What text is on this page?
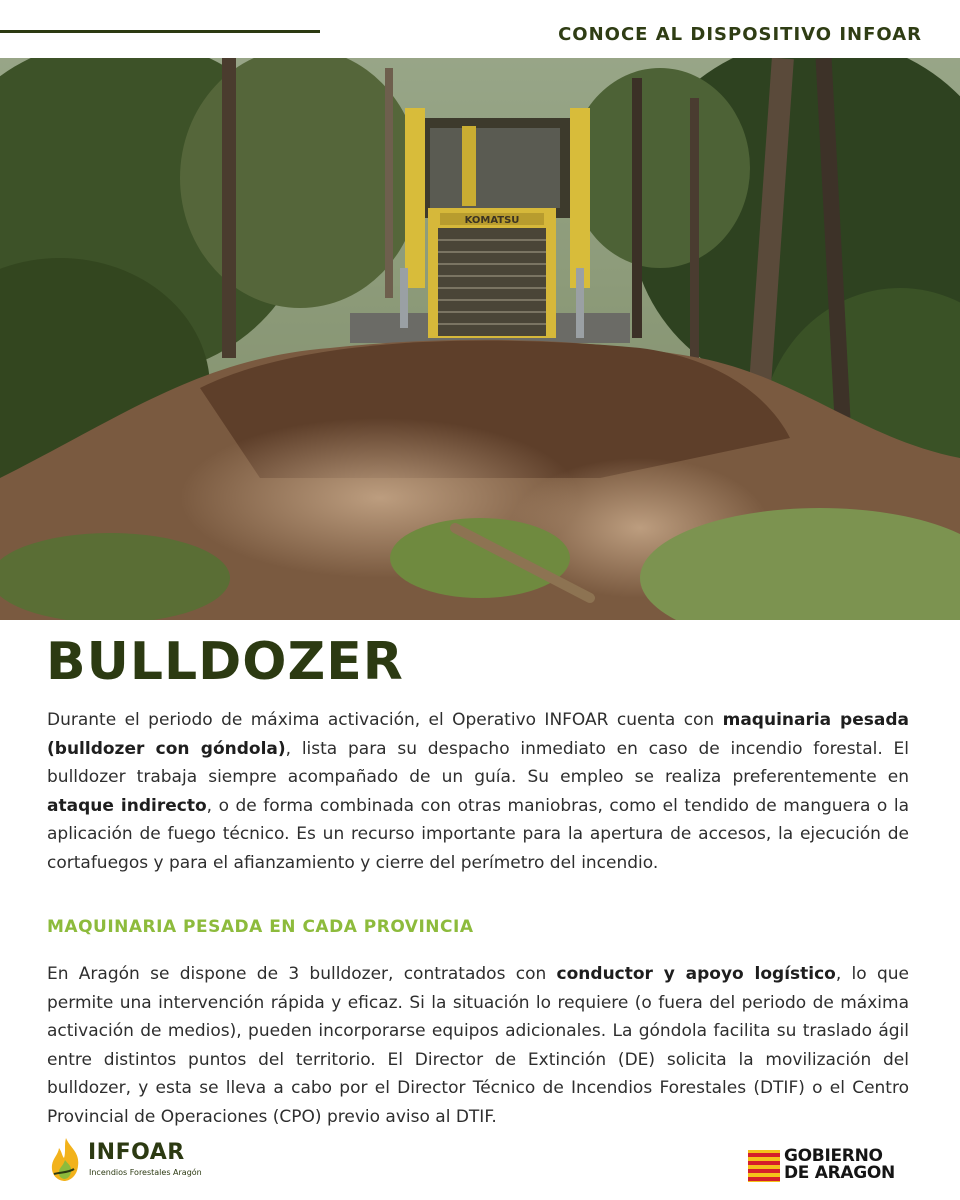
CONOCE AL DISPOSITIVO INFOAR
KOMATSU
BULLDOZER

Durante el periodo de máxima activación, el Operativo INFOAR cuenta con maquinaria pesada (bulldozer con góndola), lista para su despacho inmediato en caso de incendio forestal. El bulldozer trabaja siempre acompañado de un guía. Su empleo se realiza preferentemente en ataque indirecto, o de forma combinada con otras maniobras, como el tendido de manguera o la aplicación de fuego técnico. Es un recurso importante para la apertura de accesos, la ejecución de cortafuegos y para el afianzamiento y cierre del perímetro del incendio.

MAQUINARIA PESADA EN CADA PROVINCIA

En Aragón se dispone de 3 bulldozer, contratados con conductor y apoyo logístico, lo que permite una intervención rápida y eficaz. Si la situación lo requiere (o fuera del periodo de máxima activación de medios), pueden incorporarse equipos adicionales. La góndola facilita su traslado ágil entre distintos puntos del territorio. El Director de Extinción (DE) solicita la movilización del bulldozer, y esta se lleva a cabo por el Director Técnico de Incendios Forestales (DTIF) o el Centro Provincial de Operaciones (CPO) previo aviso al DTIF.

INFOAR
Incendios Forestales Aragón
GOBIERNO
DE ARAGON
